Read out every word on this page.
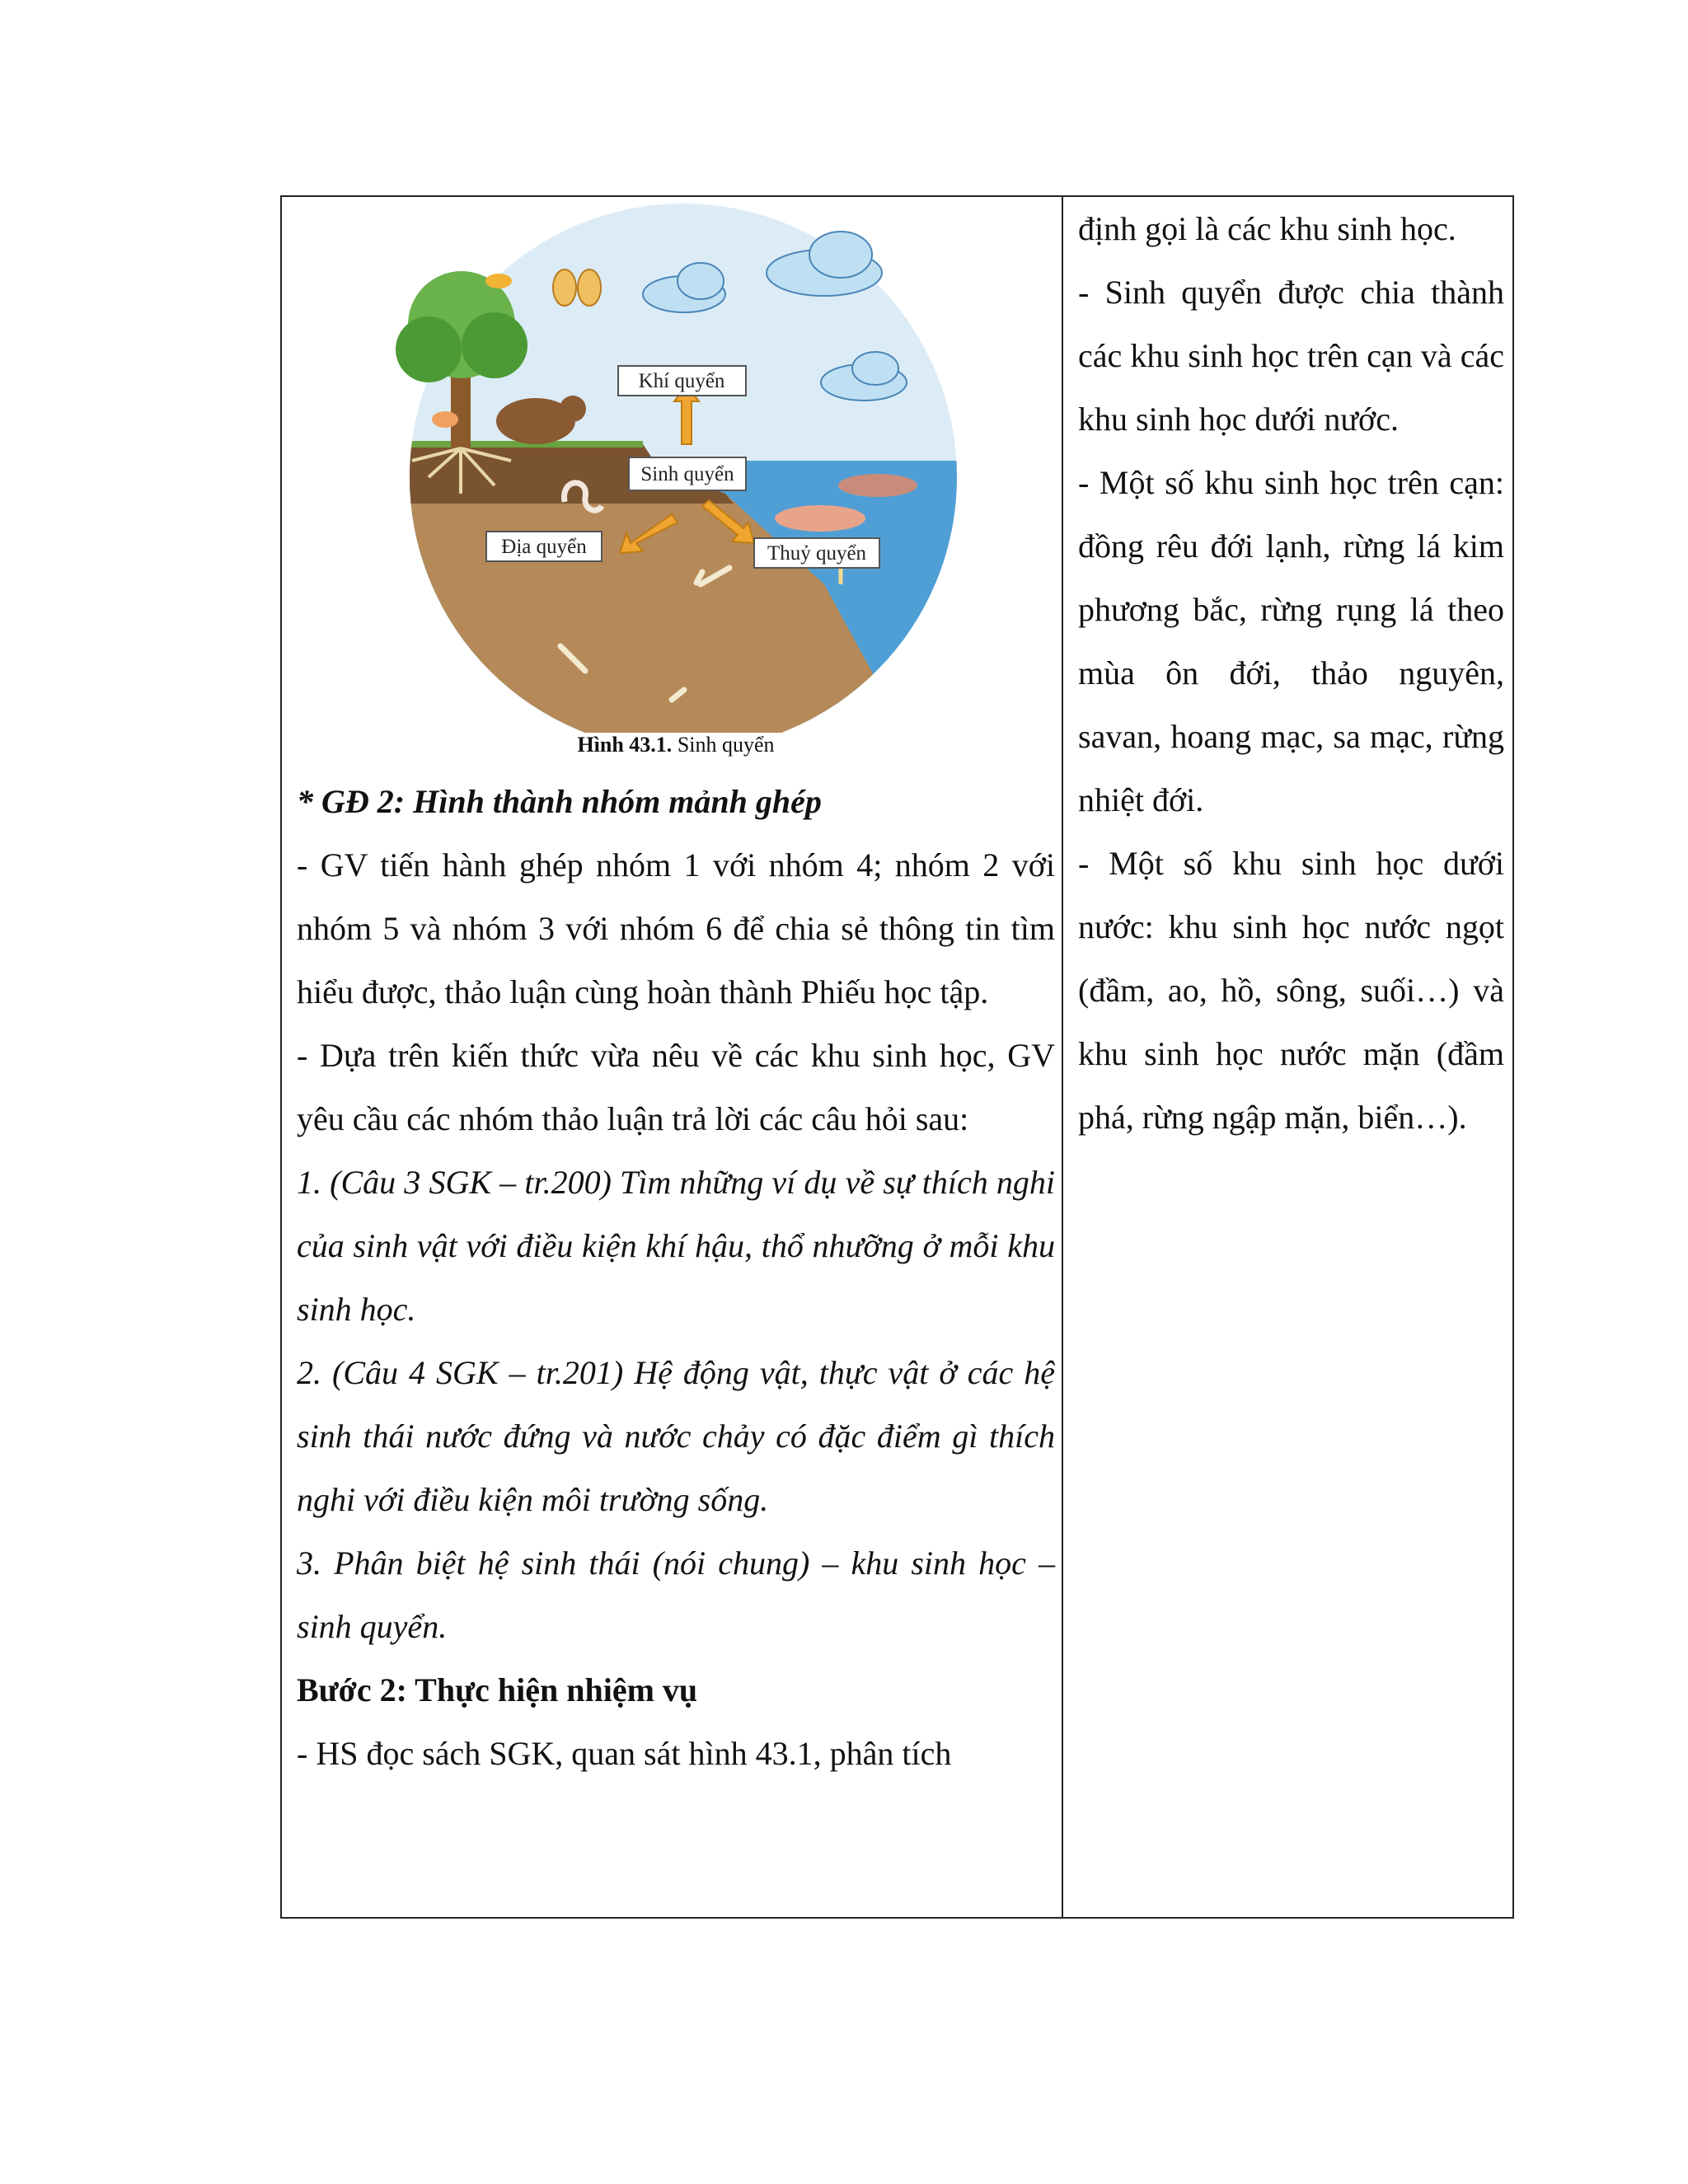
Khí quyển
Sinh quyển
Địa quyển	Thuỷ quyển
Hình 43.1. Sinh quyển

* GĐ 2: Hình thành nhóm mảnh ghép

- GV tiến hành ghép nhóm 1 với nhóm 4; nhóm 2 với nhóm 5 và nhóm 3 với nhóm 6 để chia sẻ thông tin tìm hiểu được, thảo luận cùng hoàn thành Phiếu học tập.

- Dựa trên kiến thức vừa nêu về các khu sinh học, GV yêu cầu các nhóm thảo luận trả lời các câu hỏi sau:

1. (Câu 3 SGK – tr.200) Tìm những ví dụ về sự thích nghi của sinh vật với điều kiện khí hậu, thổ nhưỡng ở mỗi khu sinh học.

2. (Câu 4 SGK – tr.201) Hệ động vật, thực vật ở các hệ sinh thái nước đứng và nước chảy có đặc điểm gì thích nghi với điều kiện môi trường sống.

3. Phân biệt hệ sinh thái (nói chung) – khu sinh học – sinh quyển.

Bước 2: Thực hiện nhiệm vụ

- HS đọc sách SGK, quan sát hình 43.1, phân tích

định gọi là các khu sinh học.

- Sinh quyển được chia thành các khu sinh học trên cạn và các khu sinh học dưới nước.

- Một số khu sinh học trên cạn: đồng rêu đới lạnh, rừng lá kim phương bắc, rừng rụng lá theo mùa ôn đới, thảo nguyên, savan, hoang mạc, sa mạc, rừng nhiệt đới.

- Một số khu sinh học dưới nước: khu sinh học nước ngọt (đầm, ao, hồ, sông, suối…) và khu sinh học nước mặn (đầm phá, rừng ngập mặn, biển…).
